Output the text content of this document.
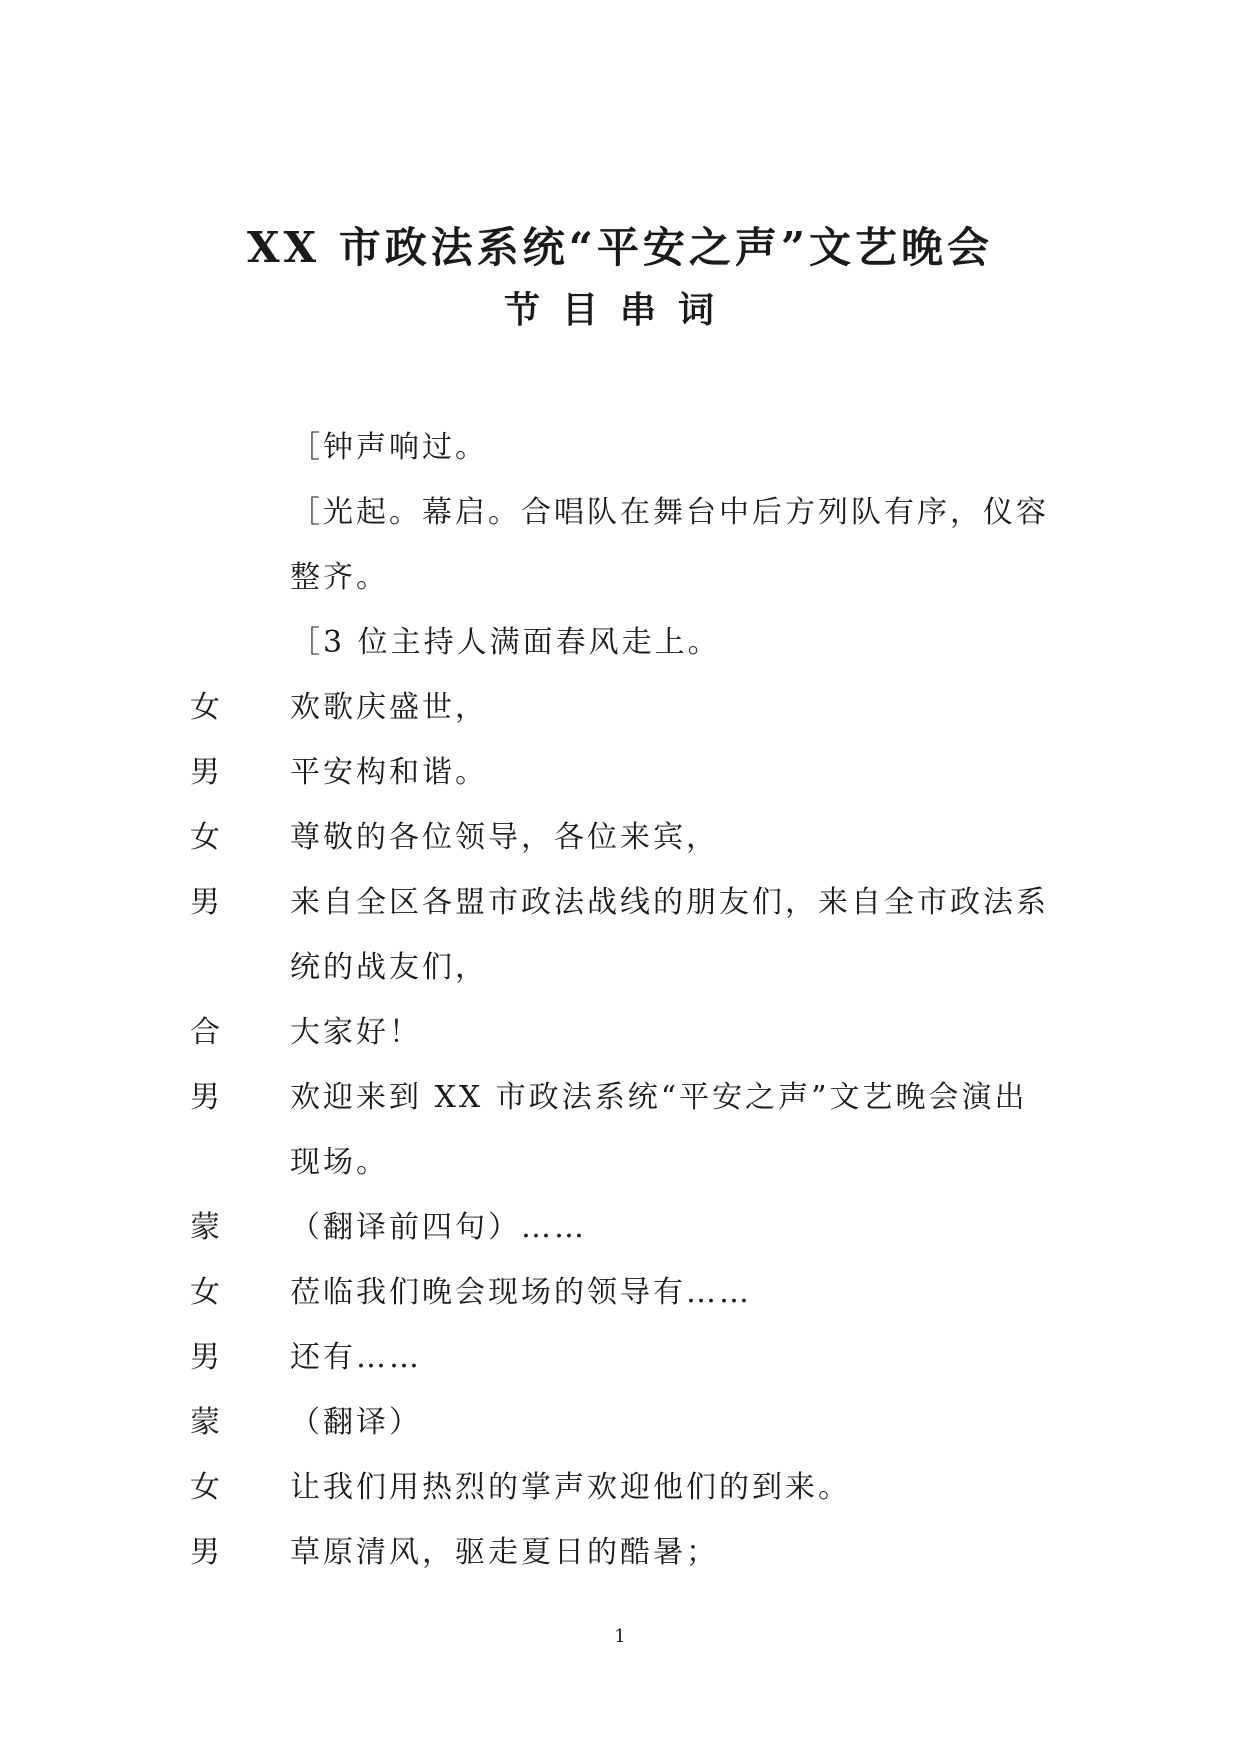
XX 市政法系统“平安之声”文艺晚会
节目串词
［钟声响过。
［光起。幕启。合唱队在舞台中后方列队有序，仪容
整齐。
［3 位主持人满面春风走上。
女	欢歌庆盛世，
男	平安构和谐。
女	尊敬的各位领导，各位来宾，
男	来自全区各盟市政法战线的朋友们，来自全市政法系
统的战友们，
合	大家好！
男	欢迎来到 XX 市政法系统“平安之声”文艺晚会演出
现场。
蒙	（翻译前四句）……
女	莅临我们晚会现场的领导有……
男	还有……
蒙	（翻译）
女	让我们用热烈的掌声欢迎他们的到来。
男	草原清风，驱走夏日的酷暑；
1
